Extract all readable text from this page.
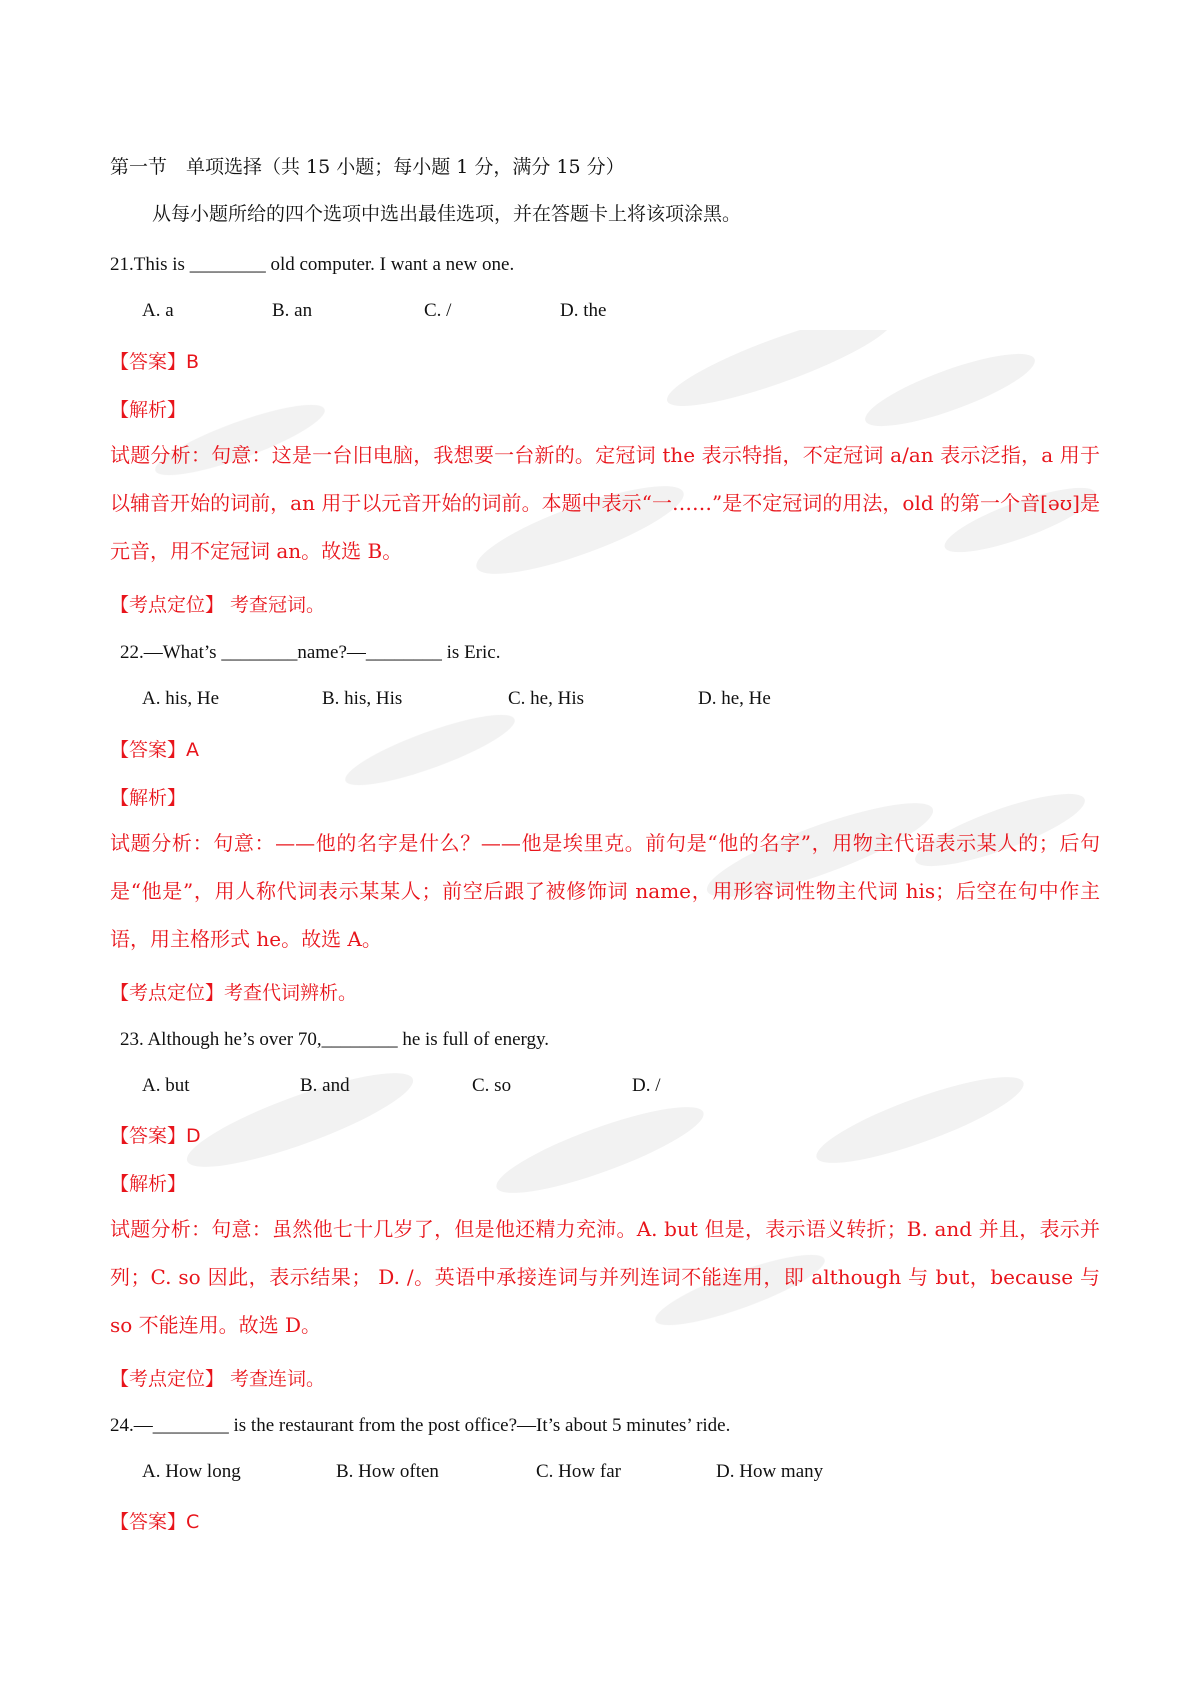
第一节　单项选择（共 15 小题；每小题 1 分，满分 15 分）
从每小题所给的四个选项中选出最佳选项，并在答题卡上将该项涂黑。
21.This is ________ old computer. I want a new one.
A. a	B. an	C. /	D. the
【答案】B
【解析】
试题分析：句意：这是一台旧电脑，我想要一台新的。定冠词 the 表示特指，不定冠词 a/an 表示泛指，a 用于以辅音开始的词前，an 用于以元音开始的词前。本题中表示“一……”是不定冠词的用法，old 的第一个音[əʊ]是元音，用不定冠词 an。故选 B。
【考点定位】 考查冠词。
22.—What’s ________name?—________ is Eric.
A. his, He	B. his, His	C. he, His	D. he, He
【答案】A
【解析】
试题分析：句意：——他的名字是什么？——他是埃里克。前句是“他的名字”，用物主代语表示某人的；后句是“他是”，用人称代词表示某某人；前空后跟了被修饰词 name，用形容词性物主代词 his；后空在句中作主语，用主格形式 he。故选 A。
【考点定位】考查代词辨析。
23. Although he’s over 70,________ he is full of energy.
A. but	B. and	C. so	D. /
【答案】D
【解析】
试题分析：句意：虽然他七十几岁了，但是他还精力充沛。A. but 但是，表示语义转折；B. and 并且，表示并列；C. so 因此，表示结果； D. /。英语中承接连词与并列连词不能连用，即 although 与 but，because 与 so 不能连用。故选 D。
【考点定位】 考查连词。
24.—________ is the restaurant from the post office?—It’s about 5 minutes’ ride.
A. How long	B. How often	C. How far	D. How many
【答案】C
